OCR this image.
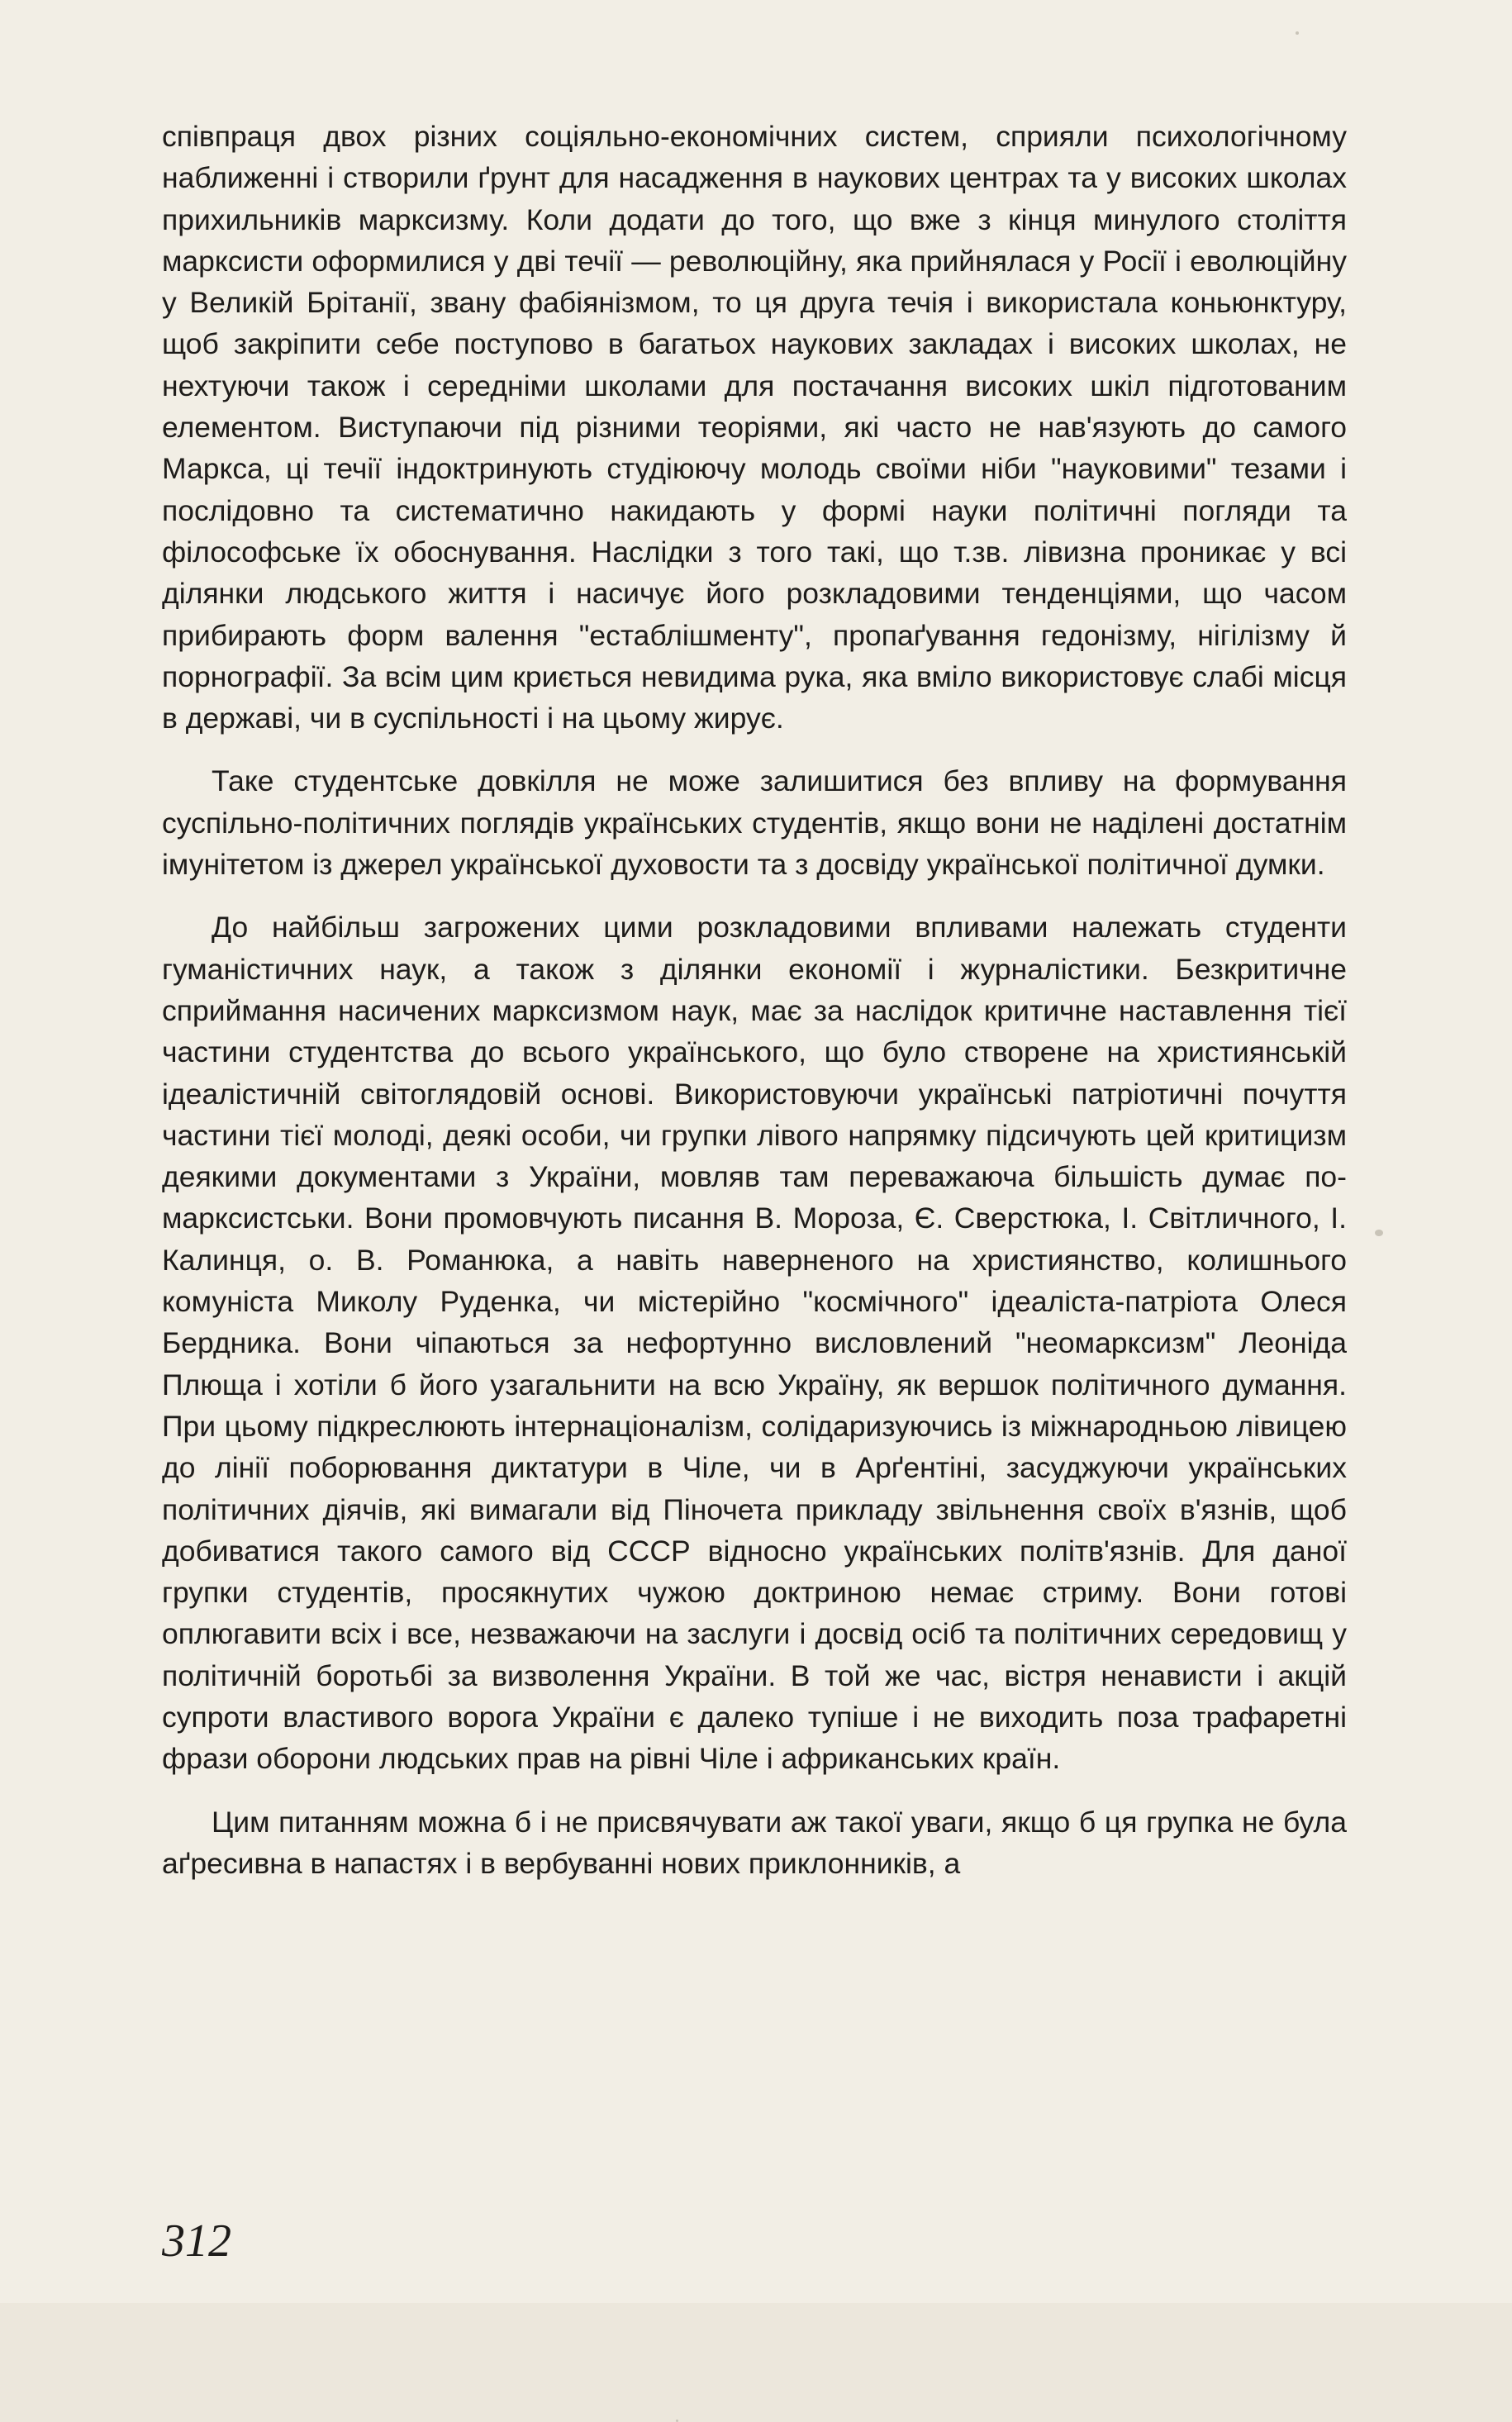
співпраця двох різних соціяльно-економічних систем, сприяли психологічному наближенні і створили ґрунт для насадження в наукових центрах та у високих школах прихильників марксизму. Коли додати до того, що вже з кінця минулого століття марксисти оформилися у дві течії — революційну, яка прийнялася у Росії і еволюційну у Великій Брітанії, звану фабіянізмом, то ця друга течія і використала коньюнктуру, щоб закріпити себе поступово в багатьох наукових закладах і високих школах, не нехтуючи також і середніми школами для постачання високих шкіл підготованим елементом. Виступаючи під різними теоріями, які часто не нав'язують до самого Маркса, ці течії індоктринують студіюючу молодь своїми ніби "науковими" тезами і послідовно та систематично накидають у формі науки політичні погляди та філософське їх обоснування. Наслідки з того такі, що т.зв. лівизна проникає у всі ділянки людського життя і насичує його розкладовими тенденціями, що часом прибирають форм валення "естаблішменту", пропаґування гедонізму, нігілізму й порнографії. За всім цим криється невидима рука, яка вміло використовує слабі місця в державі, чи в суспільності і на цьому жирує.

Таке студентське довкілля не може залишитися без впливу на формування суспільно-політичних поглядів українських студентів, якщо вони не наділені достатнім імунітетом із джерел української духовости та з досвіду української політичної думки.

До найбільш загрожених цими розкладовими впливами належать студенти гуманістичних наук, а також з ділянки економії і журналістики. Безкритичне сприймання насичених марксизмом наук, має за наслідок критичне наставлення тієї частини студентства до всього українського, що було створене на християнській ідеалістичній світоглядовій основі. Використовуючи українські патріотичні почуття частини тієї молоді, деякі особи, чи групки лівого напрямку підсичують цей критицизм деякими документами з України, мовляв там переважаюча більшість думає по-марксистськи. Вони промовчують писання В. Мороза, Є. Сверстюка, І. Світличного, І. Калинця, о. В. Романюка, а навіть наверненого на християнство, колишнього комуніста Миколу Руденка, чи містерійно "космічного" ідеаліста-патріота Олеся Бердника. Вони чіпаються за нефортунно висловлений "неомарксизм" Леоніда Плюща і хотіли б його узагальнити на всю Україну, як вершок політичного думання. При цьому підкреслюють інтернаціоналізм, солідаризуючись із міжнародньою лівицею до лінії поборювання диктатури в Чіле, чи в Арґентіні, засуджуючи українських політичних діячів, які вимагали від Піночета прикладу звільнення своїх в'язнів, щоб добиватися такого самого від СССР відносно українських політв'язнів. Для даної групки студентів, просякнутих чужою доктриною немає стриму. Вони готові оплюгавити всіх і все, незважаючи на заслуги і досвід осіб та політичних середовищ у політичній боротьбі за визволення України. В той же час, вістря ненависти і акцій супроти властивого ворога України є далеко тупіше і не виходить поза трафаретні фрази оборони людських прав на рівні Чіле і африканських країн.

Цим питанням можна б і не присвячувати аж такої уваги, якщо б ця групка не була аґресивна в напастях і в вербуванні нових приклонників, а

312
